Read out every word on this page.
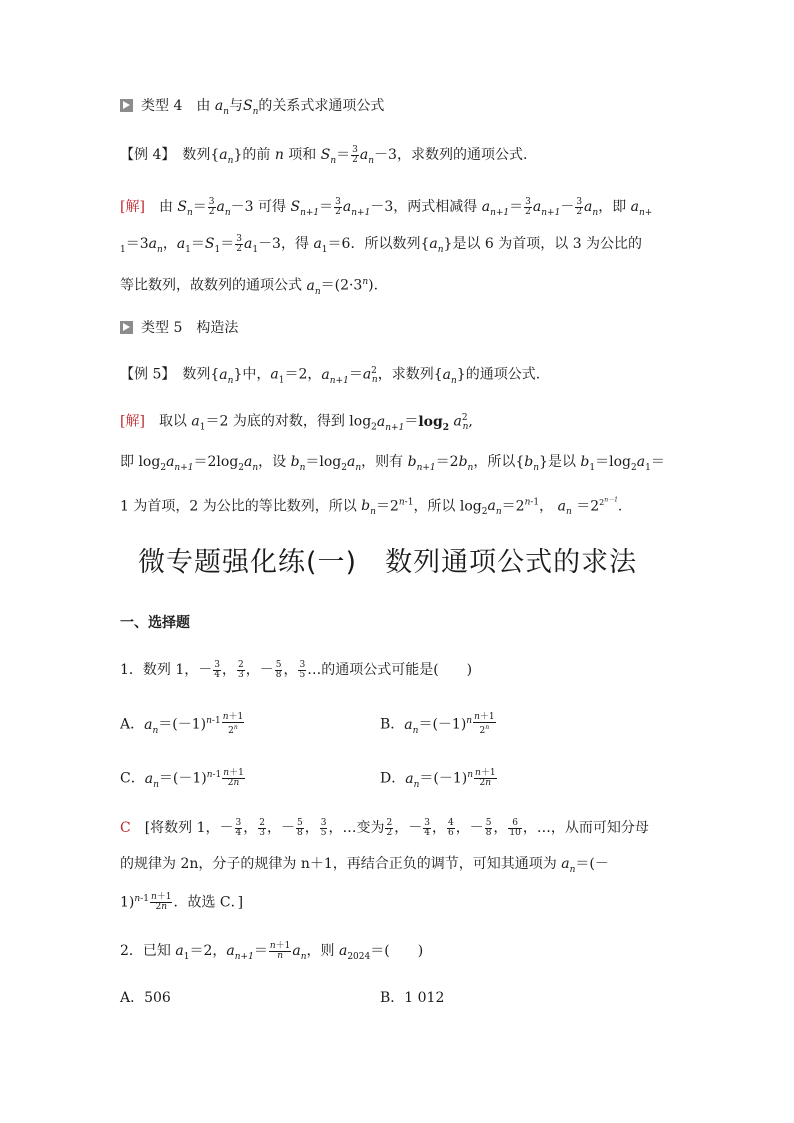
类型 4　 由 $a_n$与$S_n$的关系式求通项公式
【例 4】　 数列$\{a_n\}$的前 n 项和 $S_n= \frac{3}{2} a_n-3$，求数列的通项公式.
[解]　 由 $S_n= \frac{3}{2} a_n-3$ 可得 $S_{n+1}= \frac{3}{2} a_{n+1}-3$，两式相减得 $a_{n+1}= \frac{3}{2} a_{n+1}- \frac{3}{2} a_n$，即 $a_{n+}$
$_1=3a_n$，$a_1=S_1= \frac{3}{2} a_1-3$，得 $a_1=6$．所以数列$\{a_n\}$是以 6 为首项，以 3 为公比的
等比数列，故数列的通项公式 $a_n=(2\cdot 3^n)$.
类型 5　 构造法
【例 5】　 数列$\{a_n\}$中，$a_1=2$，$a_{n+1}=a^2_n$，求数列$\{a_n\}$的通项公式.
[解]　 取以 $a_1=2$ 为底的对数，得到 $\log_2a_{n+1}=\log_2$ $a^2_n$,
即 $\log_2a_{n+1}=2\log_2a_n$，设 $b_n=\log_2a_n$，则有 $b_{n+1}=2b_n$，所以$\{b_n\}$是以 $b_1=\log_2a_1=$
1 为首项，2 为公比的等比数列，所以 $b_n=2^{n-1}$，所以 $\log_2a_n=2^{n-1}$， $a_n =2^{2^{n-1}}$.
微专题强化练(一)　数列通项公式的求法
一、选择题
1．数列 1，－ $\frac{3}{4}$ ， $\frac{2}{3}$ ，－ $\frac{5}{8}$ ， $\frac{3}{5}$ …的通项公式可能是(　　)
A．$a_n=(-1)^{n-1} \frac{n+1}{2^n}$	B．$a_n=(-1)^n \frac{n+1}{2^n}$
C．$a_n=(-1)^{n-1} \frac{n+1}{2n}$	D．$a_n=(-1)^n \frac{n+1}{2n}$
C　 [将数列 1，－ $\frac{3}{4}$ ， $\frac{2}{3}$ ，－ $\frac{5}{8}$ ， $\frac{3}{5}$ ，…变为 $\frac{2}{2}$ ，－ $\frac{3}{4}$ ， $\frac{4}{6}$ ，－ $\frac{5}{8}$ ， $\frac{6}{10}$ ，…，从而可知分母
的规律为 2n，分子的规律为 n＋1，再结合正负的调节，可知其通项为 $a_n=(-$
$1)^{n-1} \frac{n+1}{2n}$ ．故选 C．]
2．已知 $a_1=2$，$a_{n+1}= \frac{n+1}{n} a_n$，则 $a_{2024}=$(　　)
A．506	B．1 012
